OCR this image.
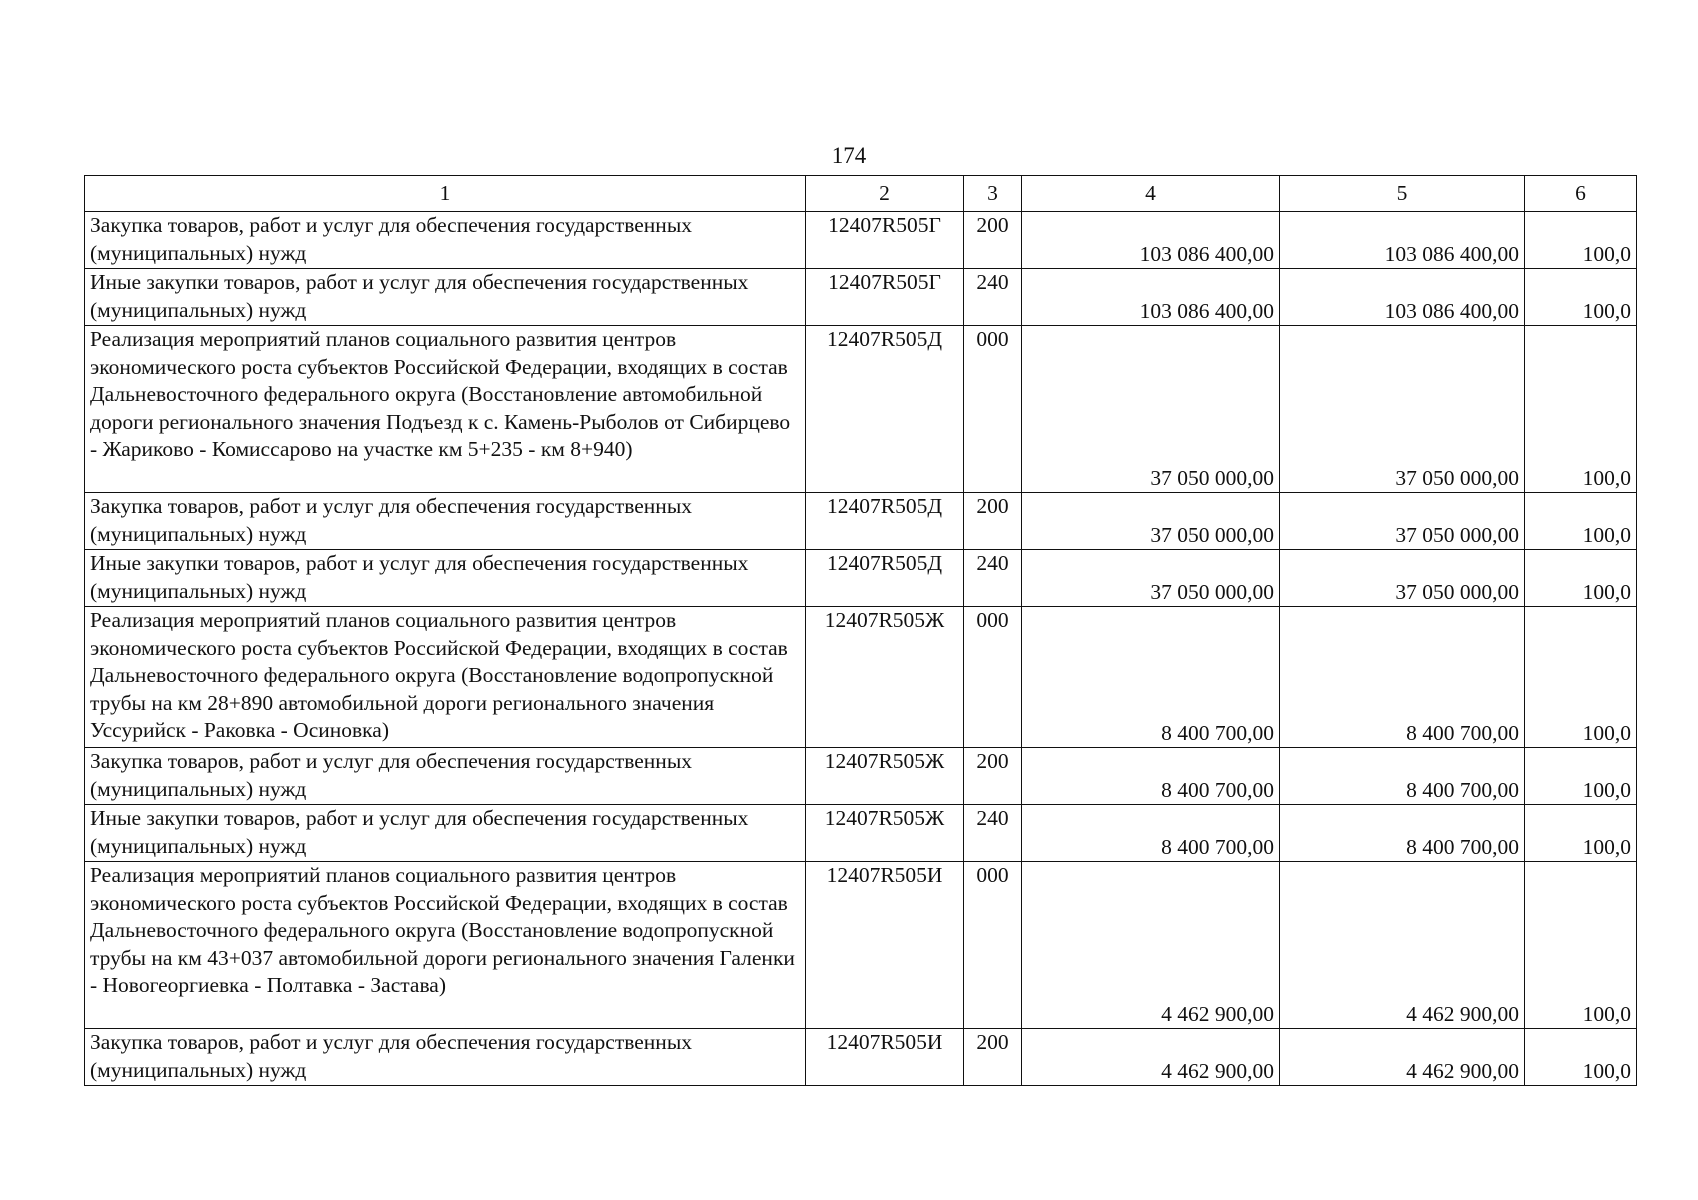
174
1	2	3	4	5	6
Закупка товаров, работ и услуг для обеспечения государственных (муниципальных) нужд	12407R505Г	200	103 086 400,00	103 086 400,00	100,0
Иные закупки товаров, работ и услуг для обеспечения государственных (муниципальных) нужд	12407R505Г	240	103 086 400,00	103 086 400,00	100,0
Реализация мероприятий планов социального развития центров экономического роста субъектов Российской Федерации, входящих в состав Дальневосточного федерального округа (Восстановление автомобильной дороги регионального значения Подъезд к с. Камень-Рыболов от Сибирцево - Жариково - Комиссарово на участке км 5+235 - км 8+940)	12407R505Д	000	37 050 000,00	37 050 000,00	100,0
Закупка товаров, работ и услуг для обеспечения государственных (муниципальных) нужд	12407R505Д	200	37 050 000,00	37 050 000,00	100,0
Иные закупки товаров, работ и услуг для обеспечения государственных (муниципальных) нужд	12407R505Д	240	37 050 000,00	37 050 000,00	100,0
Реализация мероприятий планов социального развития центров экономического роста субъектов Российской Федерации, входящих в состав Дальневосточного федерального округа (Восстановление водопропускной трубы на км 28+890 автомобильной дороги регионального значения Уссурийск - Раковка - Осиновка)	12407R505Ж	000	8 400 700,00	8 400 700,00	100,0
Закупка товаров, работ и услуг для обеспечения государственных (муниципальных) нужд	12407R505Ж	200	8 400 700,00	8 400 700,00	100,0
Иные закупки товаров, работ и услуг для обеспечения государственных (муниципальных) нужд	12407R505Ж	240	8 400 700,00	8 400 700,00	100,0
Реализация мероприятий планов социального развития центров экономического роста субъектов Российской Федерации, входящих в состав Дальневосточного федерального округа (Восстановление водопропускной трубы на км 43+037 автомобильной дороги регионального значения Галенки - Новогеоргиевка - Полтавка - Застава)	12407R505И	000	4 462 900,00	4 462 900,00	100,0
Закупка товаров, работ и услуг для обеспечения государственных (муниципальных) нужд	12407R505И	200	4 462 900,00	4 462 900,00	100,0
